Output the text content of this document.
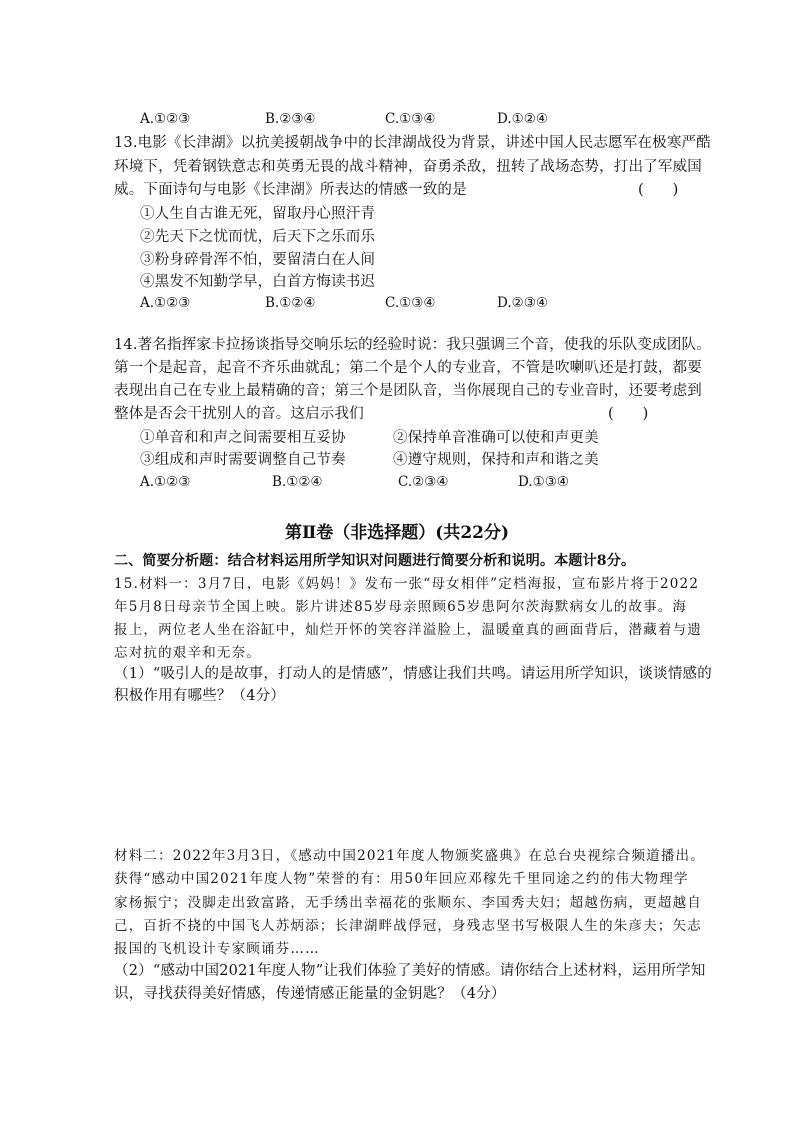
A.①②③	B.②③④	C.①③④	D.①②④
13.电影《长津湖》以抗美援朝战争中的长津湖战役为背景，讲述中国人民志愿军在极寒严酷
环境下，凭着钢铁意志和英勇无畏的战斗精神，奋勇杀敌，扭转了战场态势，打出了军威国
威。下面诗句与电影《长津湖》所表达的情感一致的是	(　　)
①人生自古谁无死，留取丹心照汗青
②先天下之忧而忧，后天下之乐而乐
③粉身碎骨浑不怕，要留清白在人间
④黑发不知勤学早，白首方悔读书迟
A.①②③	B.①②④	C.①③④	D.②③④
14.著名指挥家卡拉扬谈指导交响乐坛的经验时说：我只强调三个音，使我的乐队变成团队。
第一个是起音，起音不齐乐曲就乱；第二个是个人的专业音，不管是吹喇叭还是打鼓，都要
表现出自己在专业上最精确的音；第三个是团队音，当你展现自己的专业音时，还要考虑到
整体是否会干扰别人的音。这启示我们	(　　)
①单音和和声之间需要相互妥协	②保持单音准确可以使和声更美
③组成和声时需要调整自己节奏	④遵守规则，保持和声和谐之美
A.①②③	B.①②④	C.②③④	D.①③④
第Ⅱ卷（非选择题）(共22分)
二、简要分析题：结合材料运用所学知识对问题进行简要分析和说明。本题计8分。
15.材料一：3月7日，电影《妈妈！》发布一张“母女相伴”定档海报，宣布影片将于2022
年5月8日母亲节全国上映。影片讲述85岁母亲照顾65岁患阿尔茨海默病女儿的故事。海
报上，两位老人坐在浴缸中，灿烂开怀的笑容洋溢脸上，温暖童真的画面背后，潜藏着与遗
忘对抗的艰辛和无奈。
（1）“吸引人的是故事，打动人的是情感”，情感让我们共鸣。请运用所学知识，谈谈情感的
积极作用有哪些？（4分）
材料二：2022年3月3日，《感动中国2021年度人物颁奖盛典》在总台央视综合频道播出。
获得“感动中国2021年度人物”荣誉的有：用50年回应邓稼先千里同途之约的伟大物理学
家杨振宁；没脚走出致富路，无手绣出幸福花的张顺东、李国秀夫妇；超越伤病，更超越自
己，百折不挠的中国飞人苏炳添；长津湖畔战俘冠，身残志坚书写极限人生的朱彦夫；矢志
报国的飞机设计专家顾诵芬……
（2）“感动中国2021年度人物”让我们体验了美好的情感。请你结合上述材料，运用所学知
识，寻找获得美好情感，传递情感正能量的金钥匙？（4分）
